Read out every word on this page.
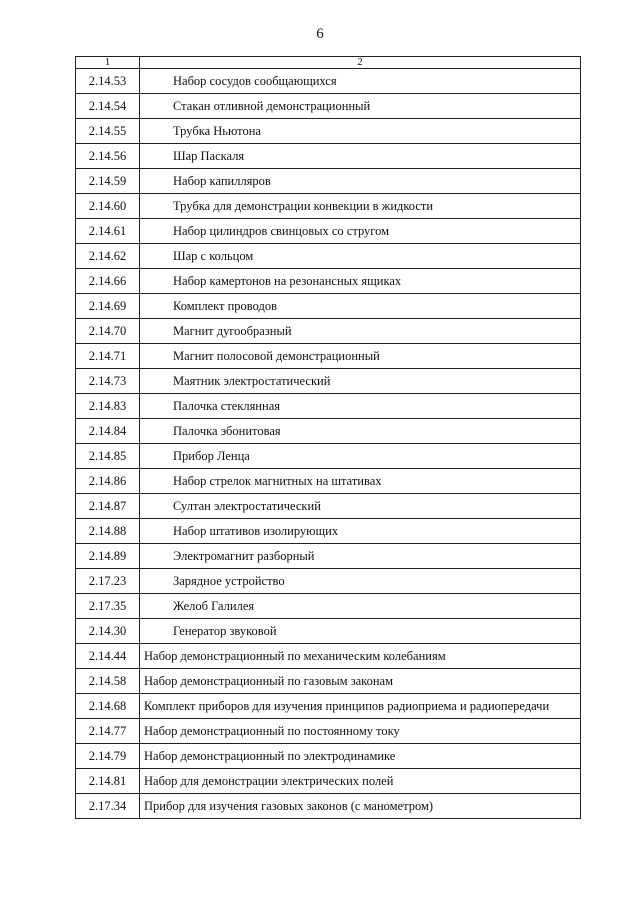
6
1	2
2.14.53	Набор сосудов сообщающихся
2.14.54	Стакан отливной демонстрационный
2.14.55	Трубка Ньютона
2.14.56	Шар Паскаля
2.14.59	Набор капилляров
2.14.60	Трубка для демонстрации конвекции в жидкости
2.14.61	Набор цилиндров свинцовых со стругом
2.14.62	Шар с кольцом
2.14.66	Набор камертонов на резонансных ящиках
2.14.69	Комплект проводов
2.14.70	Магнит дугообразный
2.14.71	Магнит полосовой демонстрационный
2.14.73	Маятник электростатический
2.14.83	Палочка стеклянная
2.14.84	Палочка эбонитовая
2.14.85	Прибор Ленца
2.14.86	Набор стрелок магнитных на штативах
2.14.87	Султан электростатический
2.14.88	Набор штативов изолирующих
2.14.89	Электромагнит разборный
2.17.23	Зарядное устройство
2.17.35	Желоб Галилея
2.14.30	Генератор звуковой
2.14.44	Набор демонстрационный по механическим колебаниям
2.14.58	Набор демонстрационный по газовым законам
2.14.68	Комплект приборов для изучения принципов радиоприема и радиопередачи
2.14.77	Набор демонстрационный по постоянному току
2.14.79	Набор демонстрационный по электродинамике
2.14.81	Набор для демонстрации электрических полей
2.17.34	Прибор для изучения газовых законов (с манометром)
